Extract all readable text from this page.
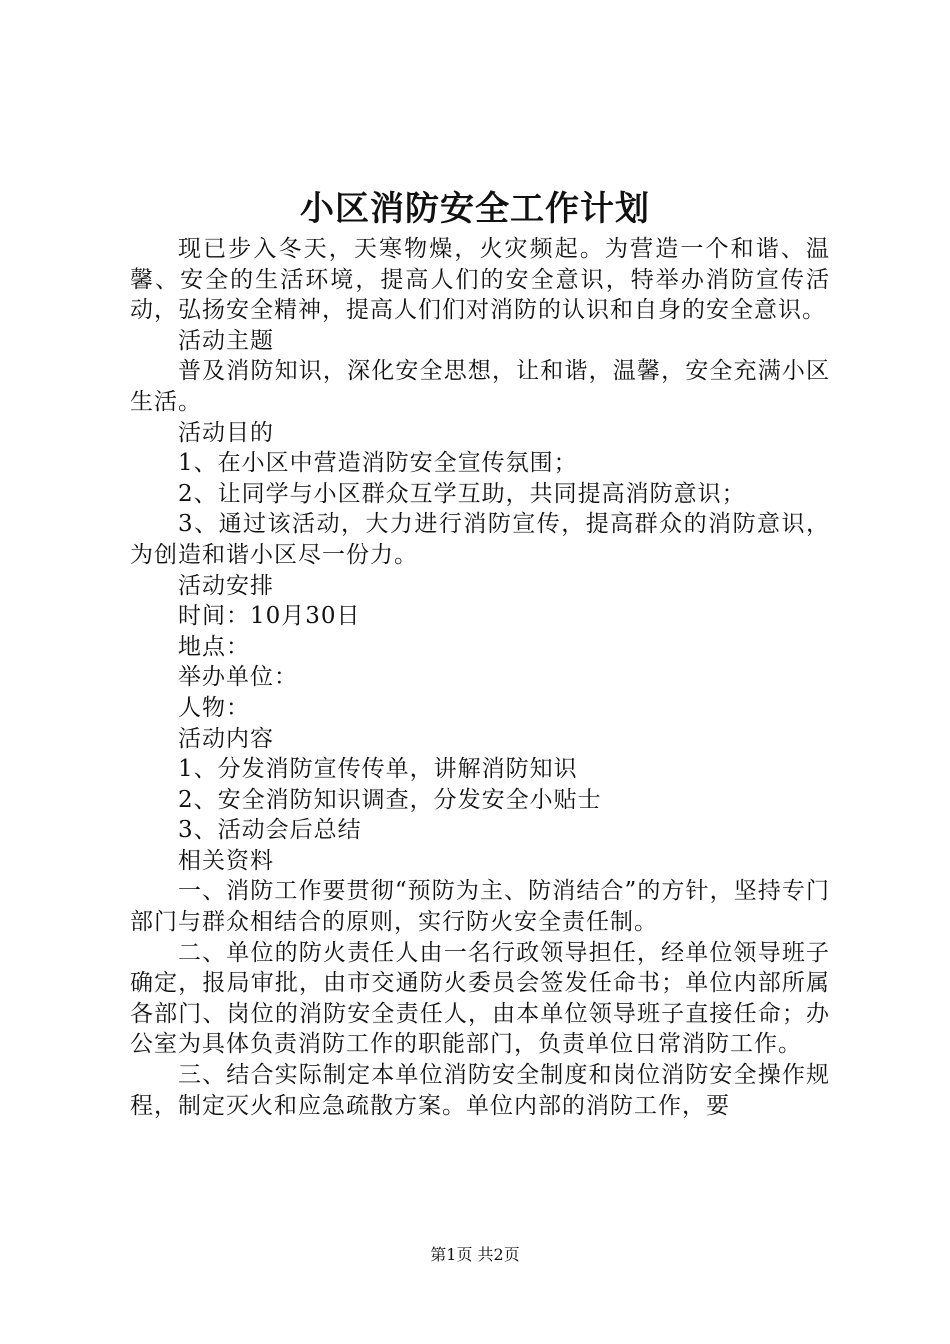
小区消防安全工作计划

现已步入冬天，天寒物燥，火灾频起。为营造一个和谐、温馨、安全的生活环境，提高人们的安全意识，特举办消防宣传活动，弘扬安全精神，提高人们们对消防的认识和自身的安全意识。

活动主题

普及消防知识，深化安全思想，让和谐，温馨，安全充满小区生活。

活动目的

1、在小区中营造消防安全宣传氛围；

2、让同学与小区群众互学互助，共同提高消防意识；

3、通过该活动，大力进行消防宣传，提高群众的消防意识，为创造和谐小区尽一份力。

活动安排

时间：10月30日

地点：

举办单位：

人物：

活动内容

1、分发消防宣传传单，讲解消防知识

2、安全消防知识调查，分发安全小贴士

3、活动会后总结

相关资料

一、消防工作要贯彻“预防为主、防消结合”的方针，坚持专门部门与群众相结合的原则，实行防火安全责任制。

二、单位的防火责任人由一名行政领导担任，经单位领导班子确定，报局审批，由市交通防火委员会签发任命书；单位内部所属各部门、岗位的消防安全责任人，由本单位领导班子直接任命；办公室为具体负责消防工作的职能部门，负责单位日常消防工作。

三、结合实际制定本单位消防安全制度和岗位消防安全操作规程，制定灭火和应急疏散方案。单位内部的消防工作，要

第1页 共2页
